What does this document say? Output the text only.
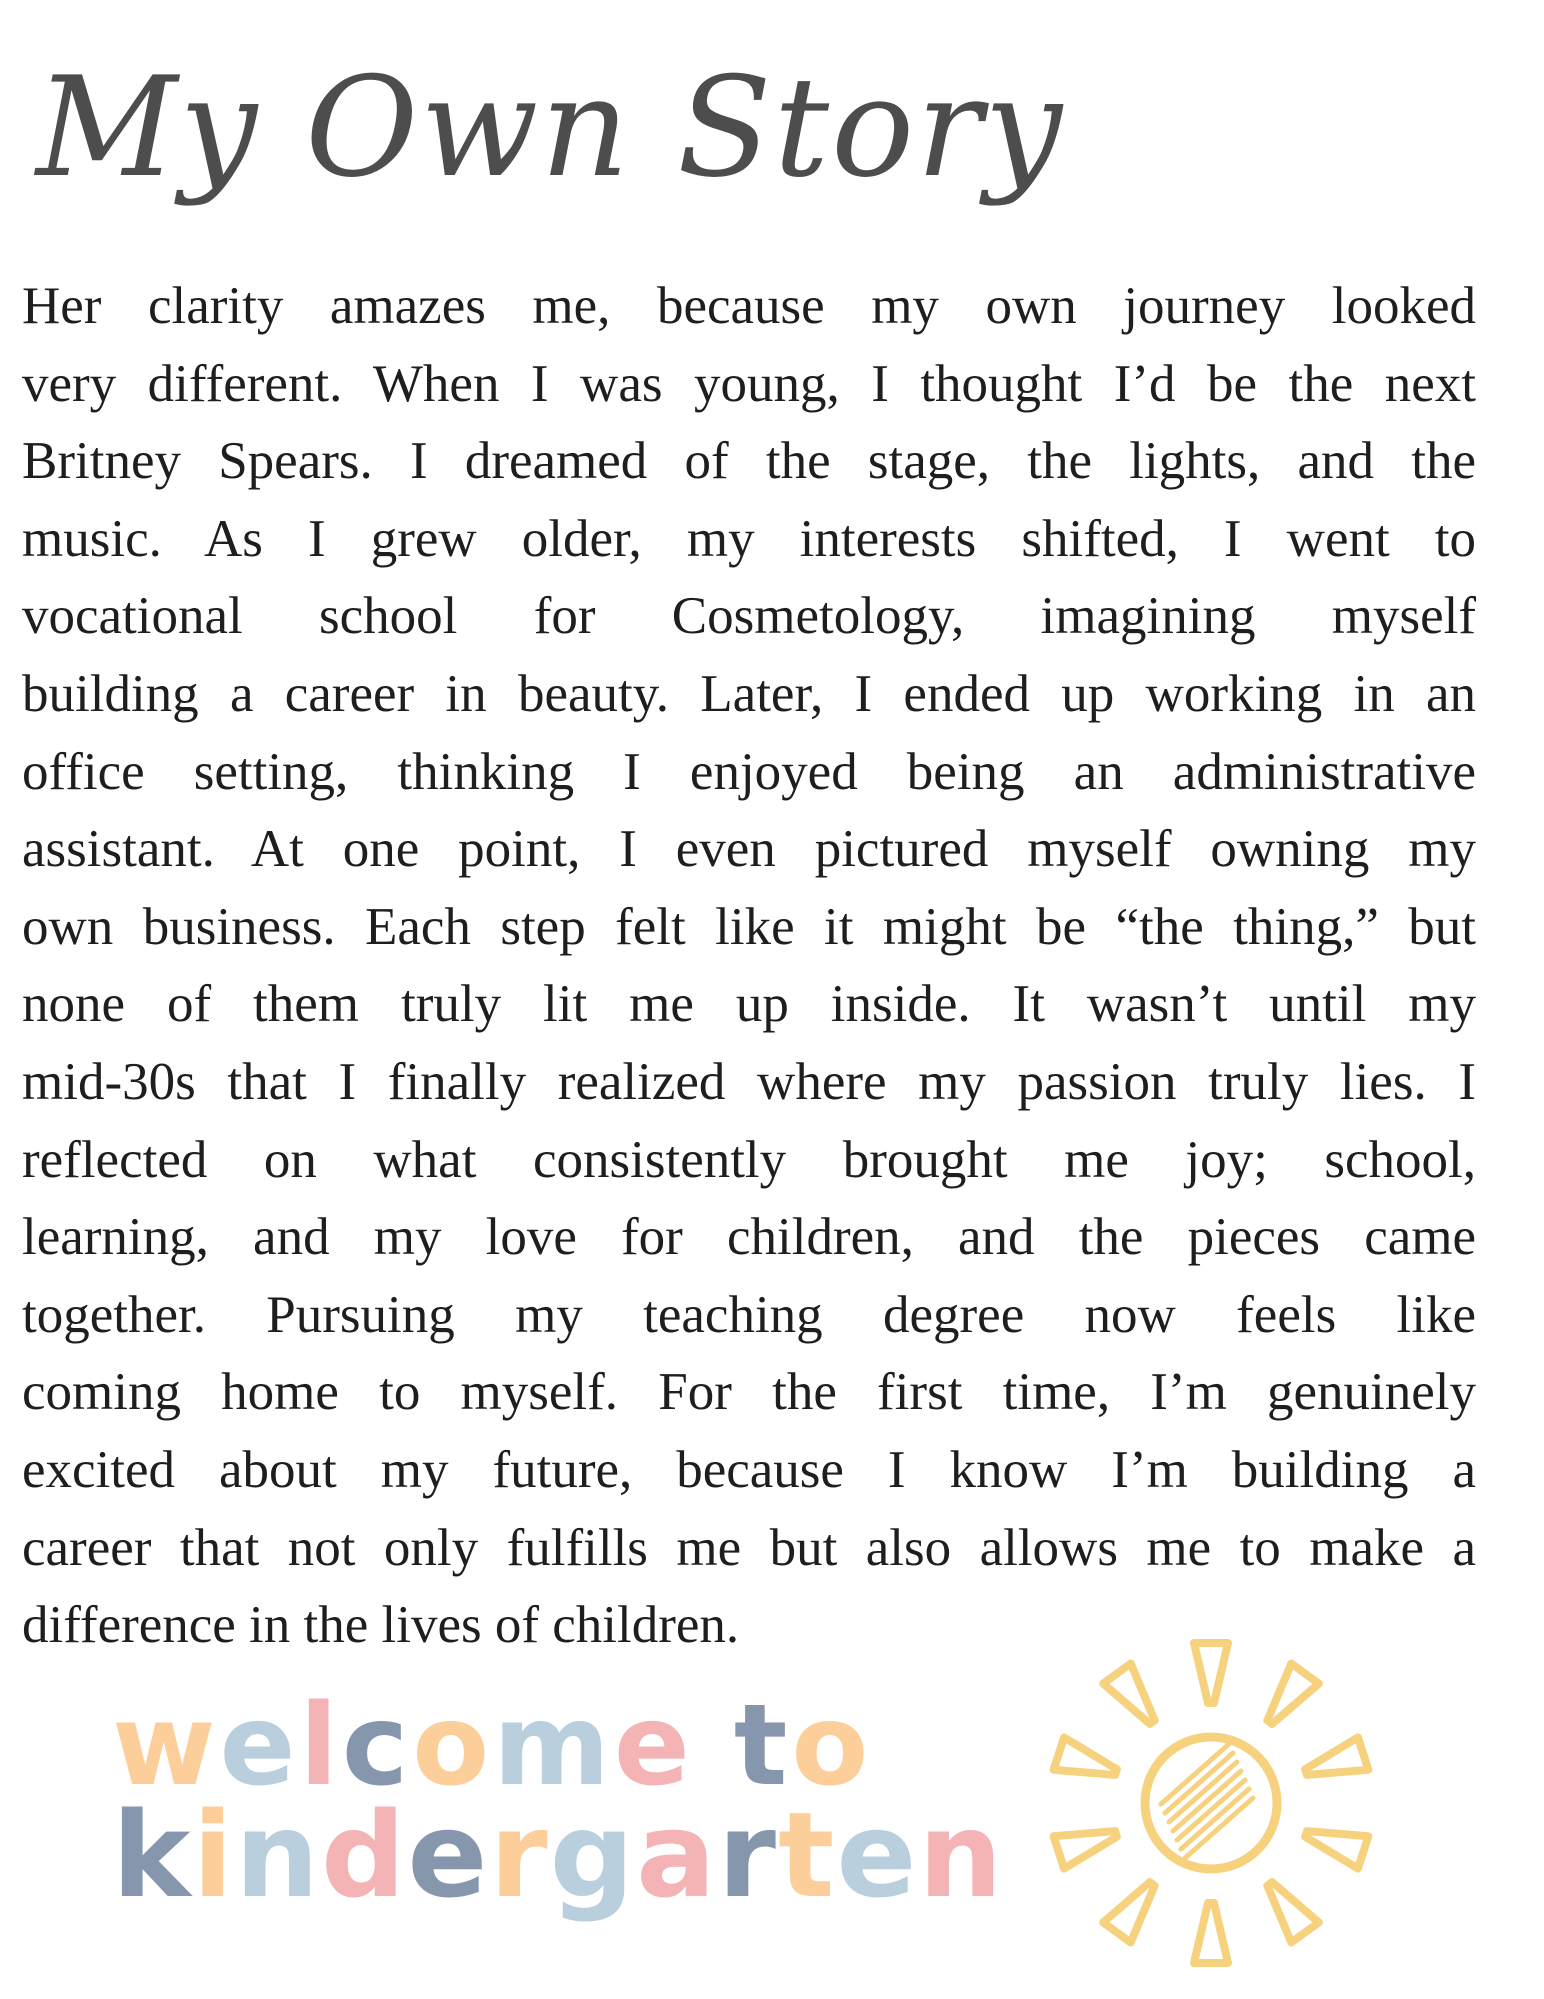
My Own Story
Her clarity amazes me, because my own journey looked
very different. When I was young, I thought I’d be the next
Britney Spears. I dreamed of the stage, the lights, and the
music. As I grew older, my interests shifted, I went to
vocational school for Cosmetology, imagining myself
building a career in beauty. Later, I ended up working in an
office setting, thinking I enjoyed being an administrative
assistant. At one point, I even pictured myself owning my
own business. Each step felt like it might be “the thing,” but
none of them truly lit me up inside. It wasn’t until my
mid-30s that I finally realized where my passion truly lies. I
reflected on what consistently brought me joy; school,
learning, and my love for children, and the pieces came
together. Pursuing my teaching degree now feels like
coming home to myself. For the first time, I’m genuinely
excited about my future, because I know I’m building a
career that not only fulfills me but also allows me to make a
difference in the lives of children.
welcome to
kindergarten
